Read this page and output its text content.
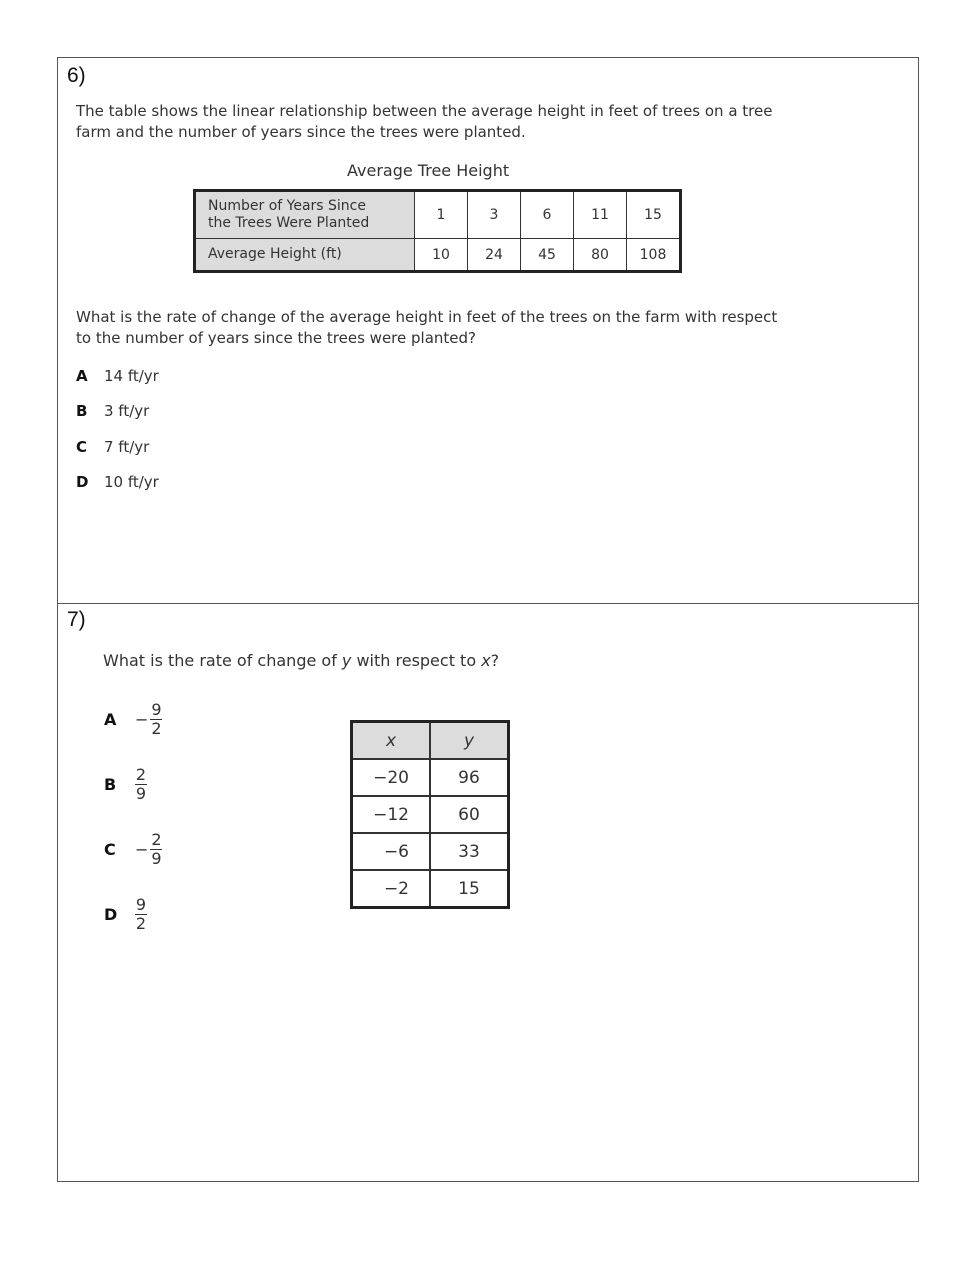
6)
The table shows the linear relationship between the average height in feet of trees on a tree
farm and the number of years since the trees were planted.
Average Tree Height
Number of Years Since
the Trees Were Planted	1	3	6	11	15
Average Height (ft)	10	24	45	80	108
What is the rate of change of the average height in feet of the trees on the farm with respect
to the number of years since the trees were planted?
A 14 ft/yr
B 3 ft/yr
C 7 ft/yr
D 10 ft/yr
7)
What is the rate of change of y with respect to x?
A	− $\frac{9}{2}$
B	$\frac{2}{9}$
C	− $\frac{2}{9}$
D	$\frac{9}{2}$
x	y
−20	96
−12	60
−6	33
−2	15
